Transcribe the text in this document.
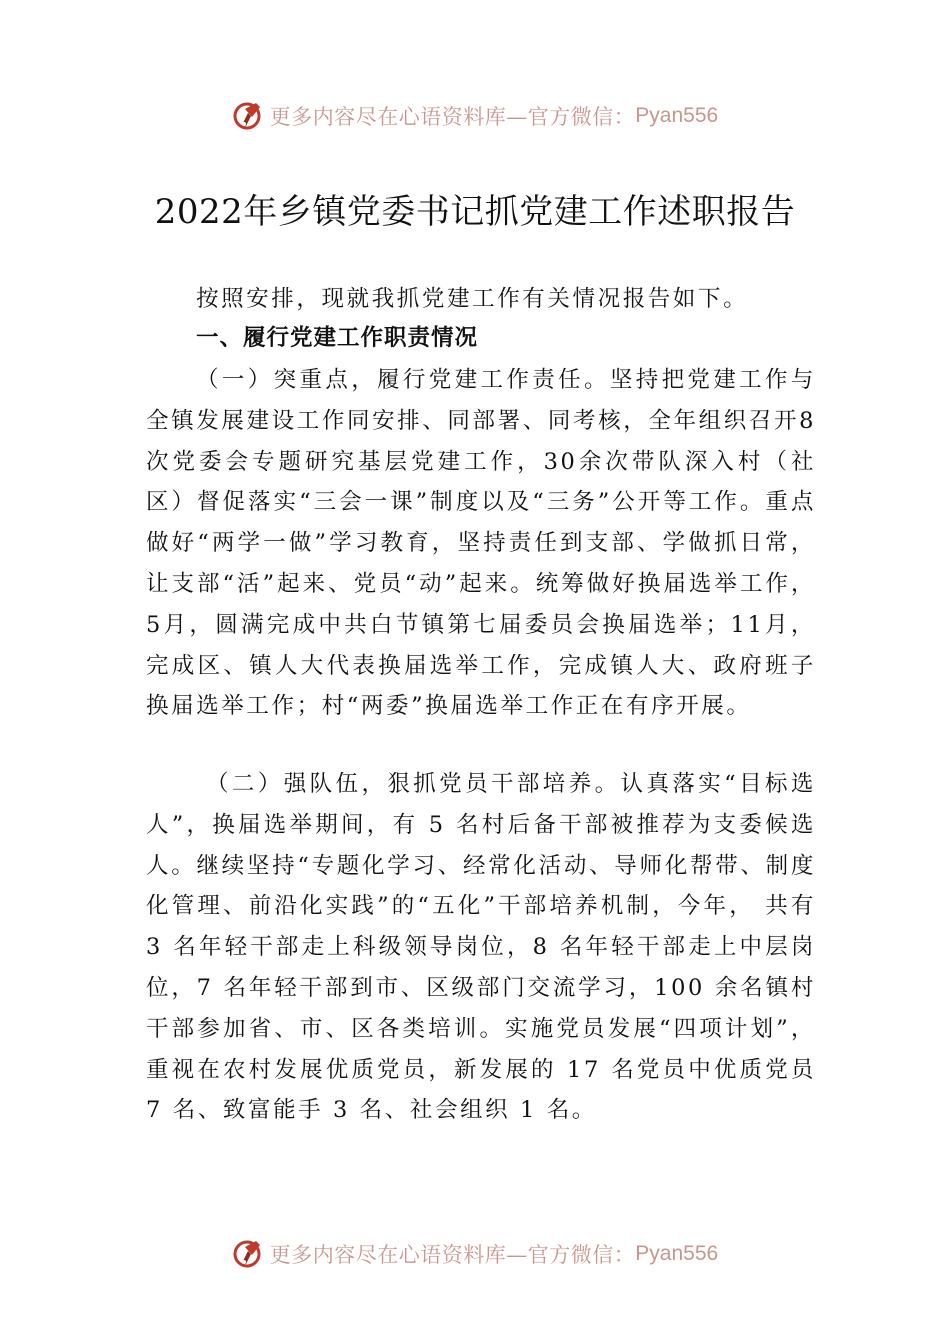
更多内容尽在心语资料库—官方微信： Pyan556
2022年乡镇党委书记抓党建工作述职报告
按照安排，现就我抓党建工作有关情况报告如下。
一、履行党建工作职责情况
（一）突重点，履行党建工作责任。坚持把党建工作与全镇发展建设工作同安排、同部署、同考核，全年组织召开8次党委会专题研究基层党建工作，30余次带队深入村（社区）督促落实“三会一课”制度以及“三务”公开等工作。重点做好“两学一做”学习教育，坚持责任到支部、学做抓日常，让支部“活”起来、党员“动”起来。统筹做好换届选举工作，5月，圆满完成中共白节镇第七届委员会换届选举；11月，完成区、镇人大代表换届选举工作，完成镇人大、政府班子换届选举工作；村“两委”换届选举工作正在有序开展。
（二）强队伍，狠抓党员干部培养。认真落实“目标选人”，换届选举期间，有 5 名村后备干部被推荐为支委候选人。继续坚持“专题化学习、经常化活动、导师化帮带、制度化管理、前沿化实践”的“五化”干部培养机制，今年， 共有 3 名年轻干部走上科级领导岗位，8 名年轻干部走上中层岗位，7 名年轻干部到市、区级部门交流学习，100 余名镇村干部参加省、市、区各类培训。实施党员发展“四项计划”，重视在农村发展优质党员，新发展的 17 名党员中优质党员 7 名、致富能手 3 名、社会组织 1 名。
更多内容尽在心语资料库—官方微信： Pyan556
